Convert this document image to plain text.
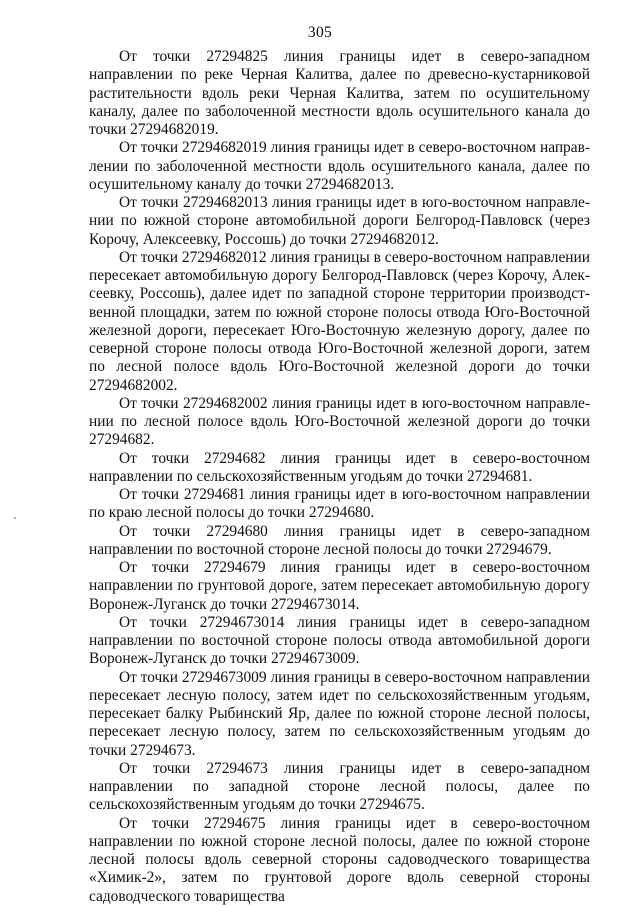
305

От точки 27294825 линия границы идет в северо-западном направлении по реке Черная Калитва, далее по древесно-кустарниковой растительности вдоль реки Черная Калитва, затем по осушительному каналу, далее по заболоченной местности вдоль осушительного канала до точки 27294682019.

От точки 27294682019 линия границы идет в северо-восточном направлении по заболоченной местности вдоль осушительного канала, далее по осушительному каналу до точки 27294682013.

От точки 27294682013 линия границы идет в юго-восточном направлении по южной стороне автомобильной дороги Белгород-Павловск (через Корочу, Алексеевку, Россошь) до точки 27294682012.

От точки 27294682012 линия границы в северо-восточном направлении пересекает автомобильную дорогу Белгород-Павловск (через Корочу, Алексеевку, Россошь), далее идет по западной стороне территории производственной площадки, затем по южной стороне полосы отвода Юго-Восточной железной дороги, пересекает Юго-Восточную железную дорогу, далее по северной стороне полосы отвода Юго-Восточной железной дороги, затем по лесной полосе вдоль Юго-Восточной железной дороги до точки 27294682002.

От точки 27294682002 линия границы идет в юго-восточном направлении по лесной полосе вдоль Юго-Восточной железной дороги до точки 27294682.

От точки 27294682 линия границы идет в северо-восточном направлении по сельскохозяйственным угодьям до точки 27294681.

От точки 27294681 линия границы идет в юго-восточном направлении по краю лесной полосы до точки 27294680.

От точки 27294680 линия границы идет в северо-западном направлении по восточной стороне лесной полосы до точки 27294679.

От точки 27294679 линия границы идет в северо-восточном направлении по грунтовой дороге, затем пересекает автомобильную дорогу Воронеж-Луганск до точки 27294673014.

От точки 27294673014 линия границы идет в северо-западном направлении по восточной стороне полосы отвода автомобильной дороги Воронеж-Луганск до точки 27294673009.

От точки 27294673009 линия границы в северо-восточном направлении пересекает лесную полосу, затем идет по сельскохозяйственным угодьям, пересекает балку Рыбинский Яр, далее по южной стороне лесной полосы, пересекает лесную полосу, затем по сельскохозяйственным угодьям до точки 27294673.

От точки 27294673 линия границы идет в северо-западном направлении по западной стороне лесной полосы, далее по сельскохозяйственным угодьям до точки 27294675.

От точки 27294675 линия границы идет в северо-восточном направлении по южной стороне лесной полосы, далее по южной стороне лесной полосы вдоль северной стороны садоводческого товарищества «Химик-2», затем по грунтовой дороге вдоль северной стороны садоводческого товарищества
